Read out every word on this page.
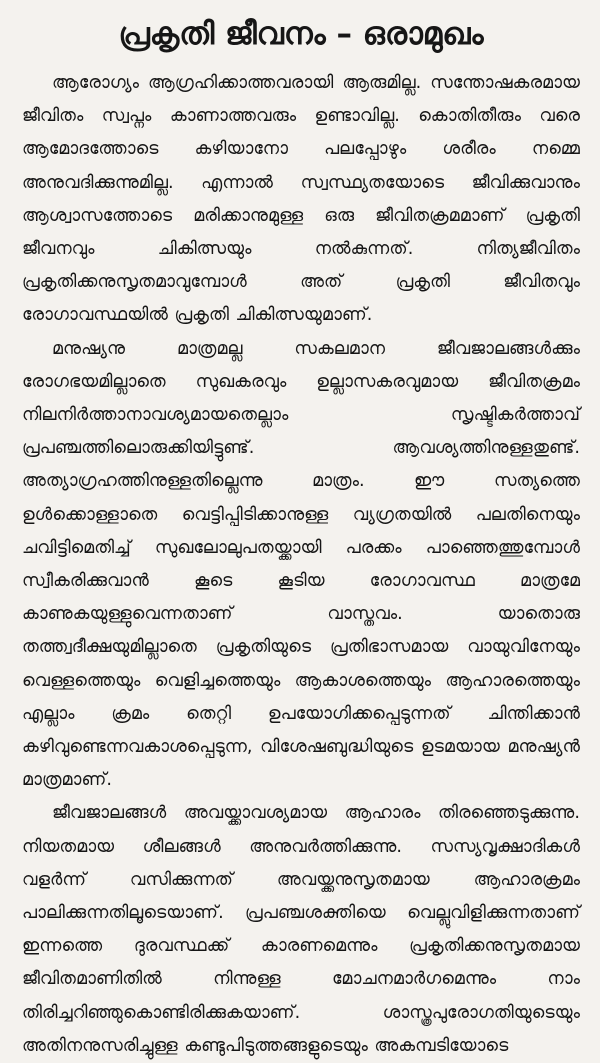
പ്രകൃതി ജീവനം – ഒരാമുഖം

ആരോഗ്യം ആഗ്രഹിക്കാത്തവരായി ആരുമില്ല. സന്തോഷകരമായ ജീവിതം സ്വപ്നം കാണാത്തവരും ഉണ്ടാവില്ല. കൊതിതീരും വരെ ആമോദത്തോടെ കഴിയാനോ പലപ്പോഴും ശരീരം നമ്മെ അനുവദിക്കുന്നുമില്ല. എന്നാൽ സ്വസ്ഥ്യതയോടെ ജീവിക്കുവാനും ആശ്വാസത്തോടെ മരിക്കാനുമുള്ള ഒരു ജീവിതക്രമമാണ് പ്രകൃതി ജീവനവും ചികിത്സയും നൽകുന്നത്. നിത്യജീവിതം പ്രകൃതിക്കനുസൃതമാവുമ്പോൾ അത് പ്രകൃതി ജീവിതവും രോഗാവസ്ഥയിൽ പ്രകൃതി ചികിത്സയുമാണ്.

മനുഷ്യനു മാത്രമല്ല സകലമാന ജീവജാലങ്ങൾക്കും രോഗഭയമില്ലാതെ സുഖകരവും ഉല്ലാസകരവുമായ ജീവിതക്രമം നിലനിർത്താനാവശ്യമായതെല്ലാം സൃഷ്ടികർത്താവ് പ്രപഞ്ചത്തിലൊരുക്കിയിട്ടുണ്ട്. ആവശ്യത്തിനുള്ളതുണ്ട്. അത്യാഗ്രഹത്തിനുള്ളതില്ലെന്നു മാത്രം. ഈ സത്യത്തെ ഉൾക്കൊള്ളാതെ വെട്ടിപ്പിടിക്കാനുള്ള വ്യഗ്രതയിൽ പലതിനെയും ചവിട്ടിമെതിച്ച് സുഖലോലുപതയ്ക്കായി പരക്കം പാഞ്ഞെത്തുമ്പോൾ സ്വീകരിക്കുവാൻ കൂടെ കൂടിയ രോഗാവസ്ഥ മാത്രമേ കാണുകയുള്ളുവെന്നതാണ് വാസ്തവം. യാതൊരു തത്ത്വദീക്ഷയുമില്ലാതെ പ്രകൃതിയുടെ പ്രതിഭാസമായ വായുവിനേയും വെള്ളത്തെയും വെളിച്ചത്തെയും ആകാശത്തെയും ആഹാരത്തെയും എല്ലാം ക്രമം തെറ്റി ഉപയോഗിക്കപ്പെടുന്നത് ചിന്തിക്കാൻ കഴിവുണ്ടെന്നവകാശപ്പെടുന്ന, വിശേഷബുദ്ധിയുടെ ഉടമയായ മനുഷ്യൻ മാത്രമാണ്.

ജീവജാലങ്ങൾ അവയ്ക്കാവശ്യമായ ആഹാരം തിരഞ്ഞെടുക്കുന്നു. നിയതമായ ശീലങ്ങൾ അനുവർത്തിക്കുന്നു. സസ്യവൃക്ഷാദികൾ വളർന്ന് വസിക്കുന്നത് അവയ്ക്കനുസൃതമായ ആഹാരക്രമം പാലിക്കുന്നതിലൂടെയാണ്. പ്രപഞ്ചശക്തിയെ വെല്ലുവിളിക്കുന്നതാണ് ഇന്നത്തെ ദുരവസ്ഥക്ക് കാരണമെന്നും പ്രകൃതിക്കനുസൃതമായ ജീവിതമാണിതിൽ നിന്നുള്ള മോചനമാർഗമെന്നും നാം തിരിച്ചറിഞ്ഞുകൊണ്ടിരിക്കുകയാണ്. ശാസ്ത്രപുരോഗതിയുടെയും അതിനനുസരിച്ചുള്ള കണ്ടുപിടുത്തങ്ങളുടെയും അകമ്പടിയോടെ
